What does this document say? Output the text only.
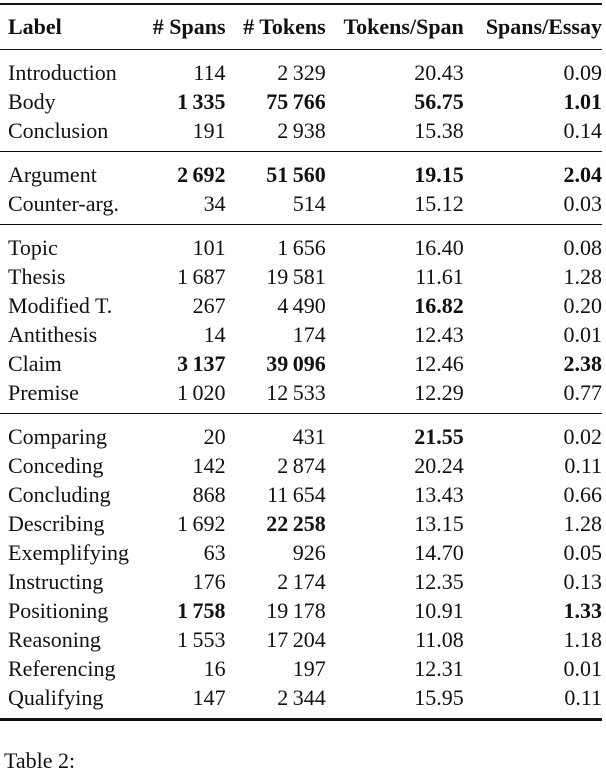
Label	# Spans	# Tokens	Tokens/Span	Spans/Essay
Introduction	114	2 329	20.43	0.09
Body	1 335	75 766	56.75	1.01
Conclusion	191	2 938	15.38	0.14
Argument	2 692	51 560	19.15	2.04
Counter-arg.	34	514	15.12	0.03
Topic	101	1 656	16.40	0.08
Thesis	1 687	19 581	11.61	1.28
Modified T.	267	4 490	16.82	0.20
Antithesis	14	174	12.43	0.01
Claim	3 137	39 096	12.46	2.38
Premise	1 020	12 533	12.29	0.77
Comparing	20	431	21.55	0.02
Conceding	142	2 874	20.24	0.11
Concluding	868	11 654	13.43	0.66
Describing	1 692	22 258	13.15	1.28
Exemplifying	63	926	14.70	0.05
Instructing	176	2 174	12.35	0.13
Positioning	1 758	19 178	10.91	1.33
Reasoning	1 553	17 204	11.08	1.18
Referencing	16	197	12.31	0.01
Qualifying	147	2 344	15.95	0.11
Table 2:
